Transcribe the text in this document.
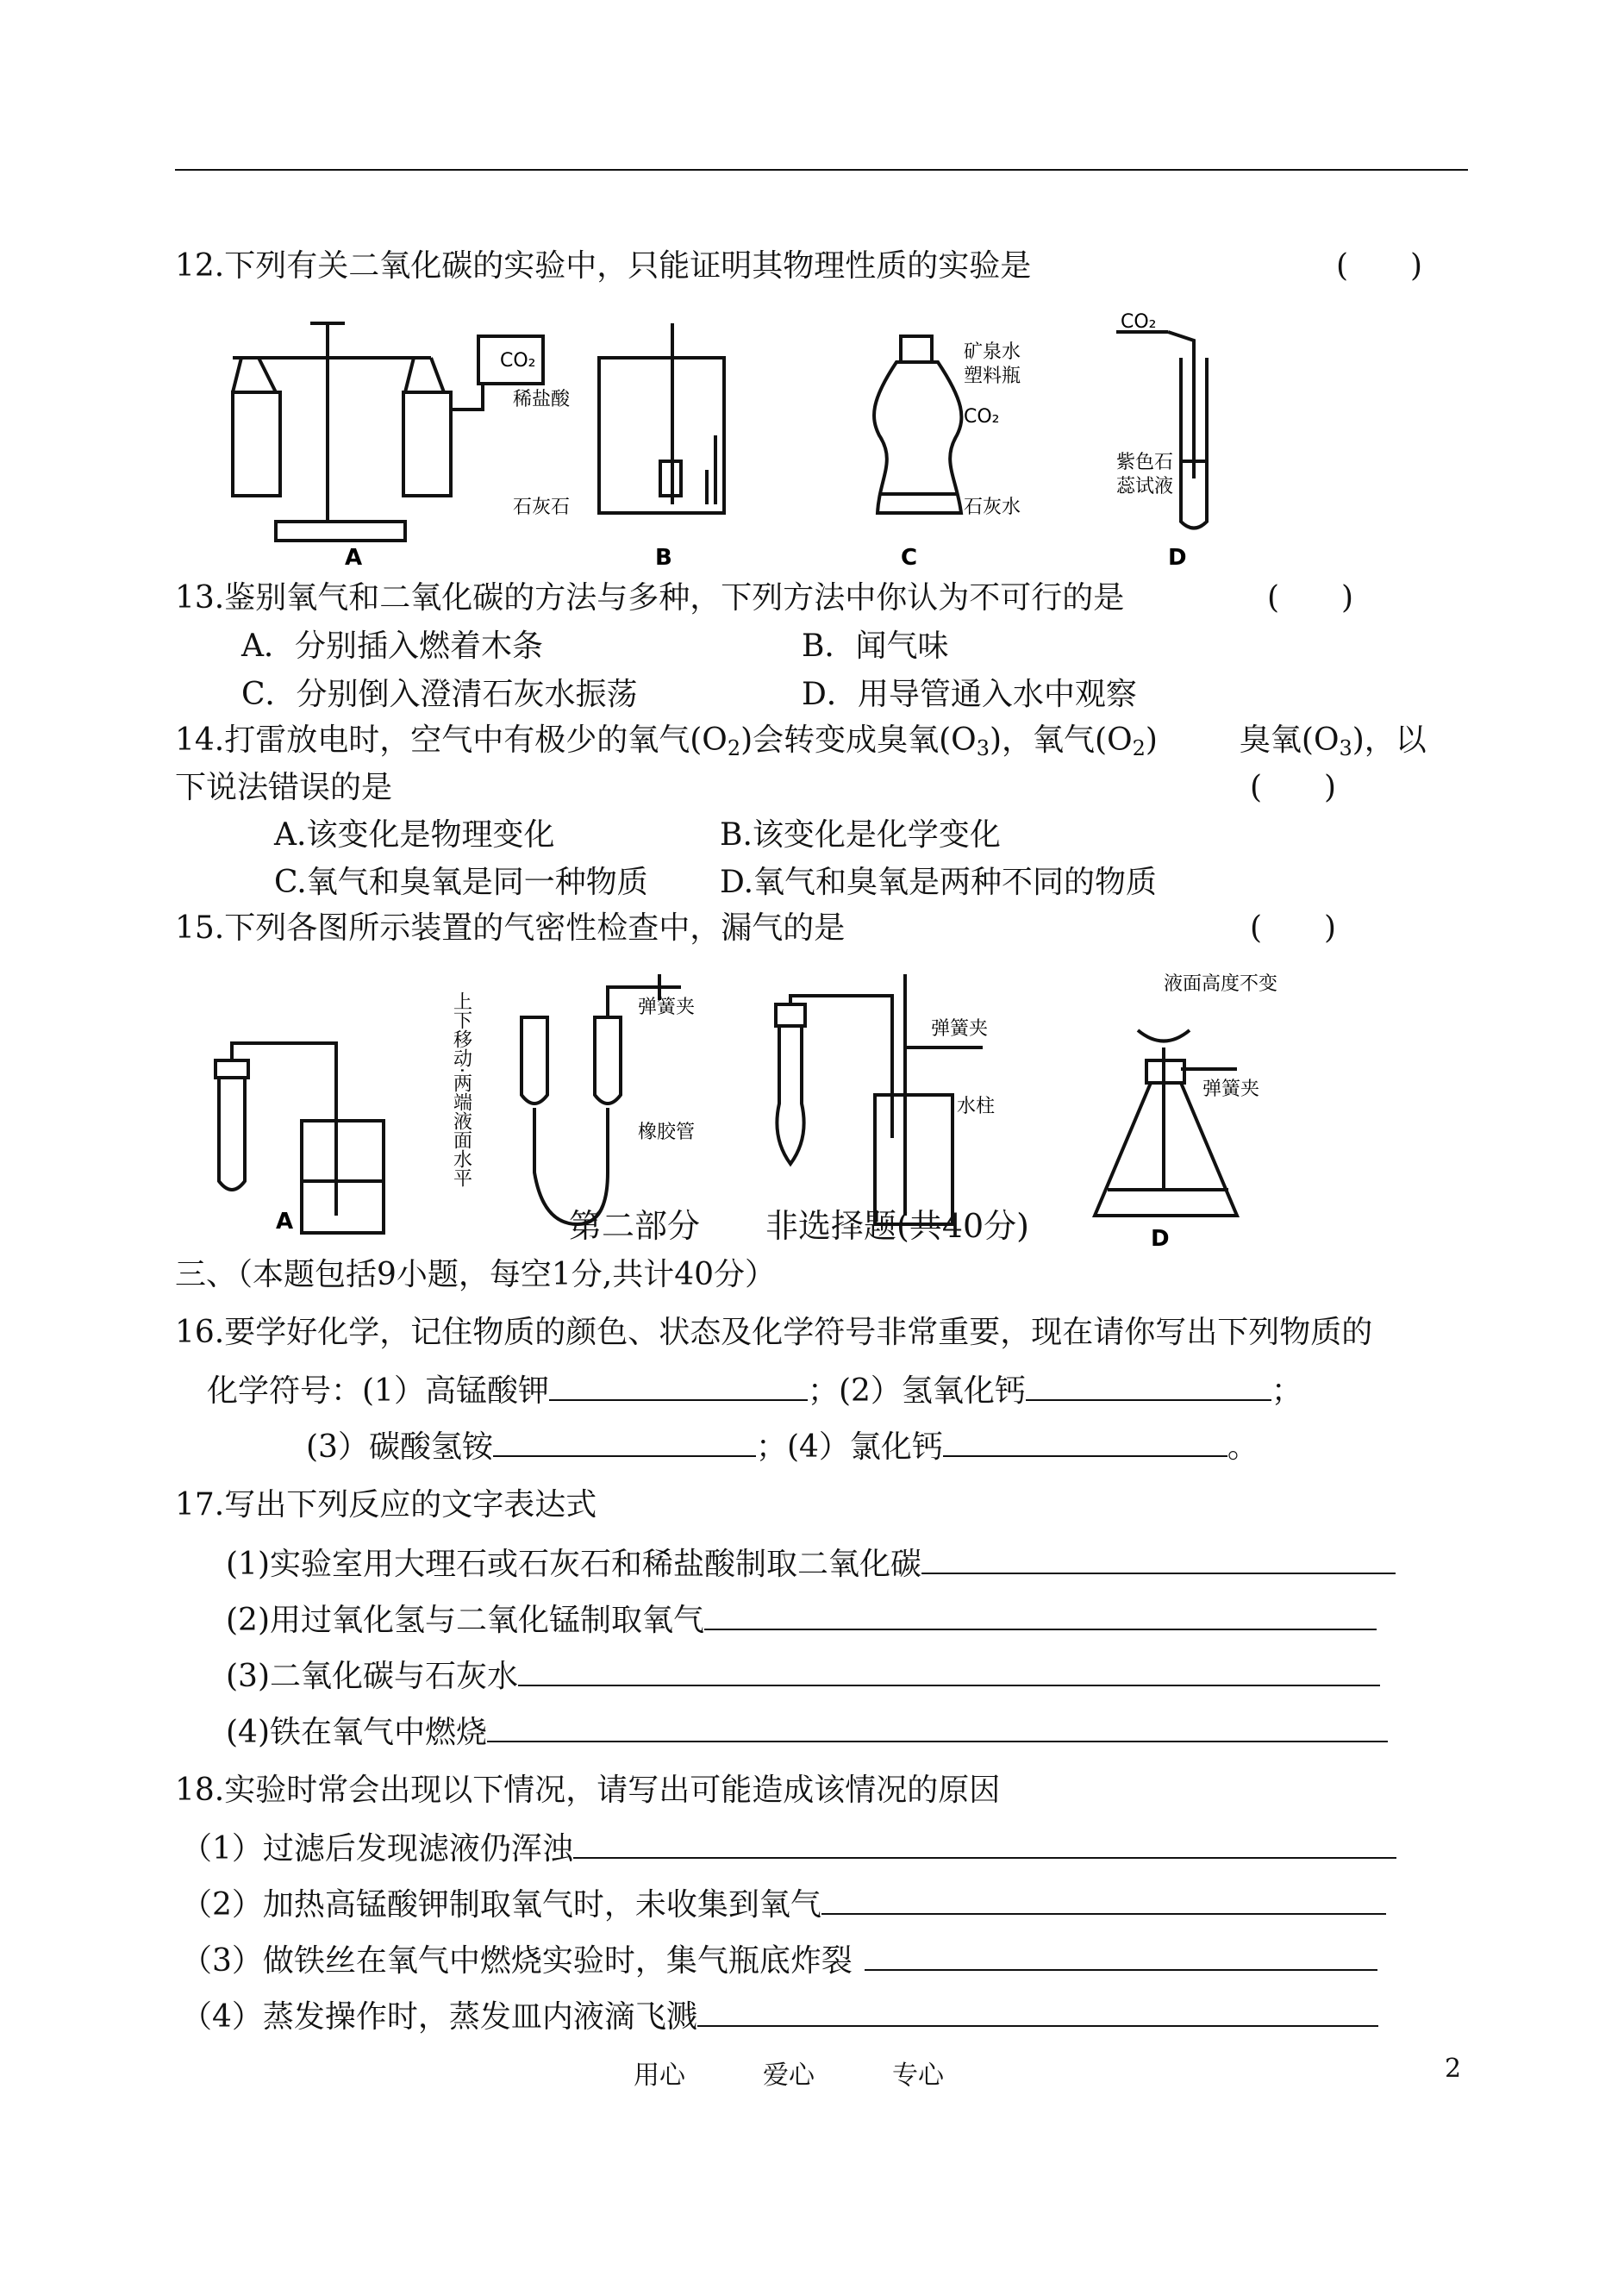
12.下列有关二氧化碳的实验中，只能证明其物理性质的实验是	(　　)
CO₂
A
稀盐酸
石灰石
B
矿泉水
塑料瓶
CO₂
石灰水
C
CO₂
紫色石
蕊试液
D
13.鉴别氧气和二氧化碳的方法与多种，下列方法中你认为不可行的是	(　　)
A．分别插入燃着木条	B．闻气味
C．分别倒入澄清石灰水振荡	D．用导管通入水中观察
14.打雷放电时，空气中有极少的氧气$(O_2)$会转变成臭氧$(O_3)$，氧气$(O_2)$	臭氧$(O_3)$，以
下说法错误的是	(　　)
A.该变化是物理变化	B.该变化是化学变化
C.氧气和臭氧是同一种物质 D.氧气和臭氧是两种不同的物质
15.下列各图所示装置的气密性检查中，漏气的是	(　　)
A
上下移动·两端液面水平	弹簧夹
橡胶管
弹簧夹
水柱
液面高度不变
弹簧夹
D
第二部分　　非选择题(共40分)
三、（本题包括9小题，每空1分,共计40分）
16.要学好化学，记住物质的颜色、状态及化学符号非常重要，现在请你写出下列物质的
化学符号：(1）高锰酸钾	；(2）氢氧化钙	；
(3）碳酸氢铵	；(4）氯化钙	。
17.写出下列反应的文字表达式
(1)实验室用大理石或石灰石和稀盐酸制取二氧化碳
(2)用过氧化氢与二氧化锰制取氧气
(3)二氧化碳与石灰水
(4)铁在氧气中燃烧
18.实验时常会出现以下情况，请写出可能造成该情况的原因
（1）过滤后发现滤液仍浑浊
（2）加热高锰酸钾制取氧气时，未收集到氧气
（3）做铁丝在氧气中燃烧实验时，集气瓶底炸裂
（4）蒸发操作时，蒸发皿内液滴飞溅
用心	爱心	专心	2
